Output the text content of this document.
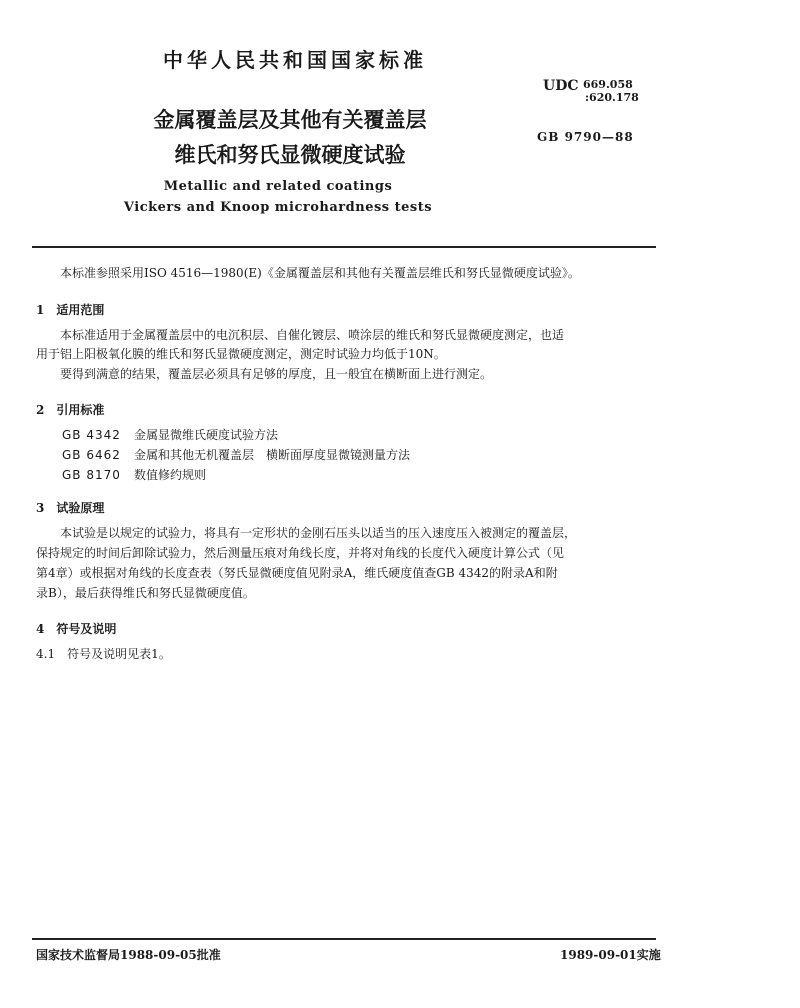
中华人民共和国国家标准
UDC 669.058
:620.178
GB 9790—88
金属覆盖层及其他有关覆盖层
维氏和努氏显微硬度试验
Metallic and related coatings
Vickers and Knoop microhardness tests
本标准参照采用ISO 4516—1980(E)《金属覆盖层和其他有关覆盖层维氏和努氏显微硬度试验》。
1　适用范围
本标准适用于金属覆盖层中的电沉积层、自催化镀层、喷涂层的维氏和努氏显微硬度测定，也适
用于铝上阳极氧化膜的维氏和努氏显微硬度测定，测定时试验力均低于10N。
要得到满意的结果，覆盖层必须具有足够的厚度，且一般宜在横断面上进行测定。
2　引用标准
GB 4342 金属显微维氏硬度试验方法
GB 6462 金属和其他无机覆盖层　横断面厚度显微镜测量方法
GB 8170 数值修约规则
3　试验原理
本试验是以规定的试验力，将具有一定形状的金刚石压头以适当的压入速度压入被测定的覆盖层，
保持规定的时间后卸除试验力，然后测量压痕对角线长度，并将对角线的长度代入硬度计算公式（见
第4章）或根据对角线的长度查表（努氏显微硬度值见附录A，维氏硬度值查GB 4342的附录A和附
录B），最后获得维氏和努氏显微硬度值。
4　符号及说明
4.1　符号及说明见表1。
国家技术监督局1988-09-05批准	1989-09-01实施
